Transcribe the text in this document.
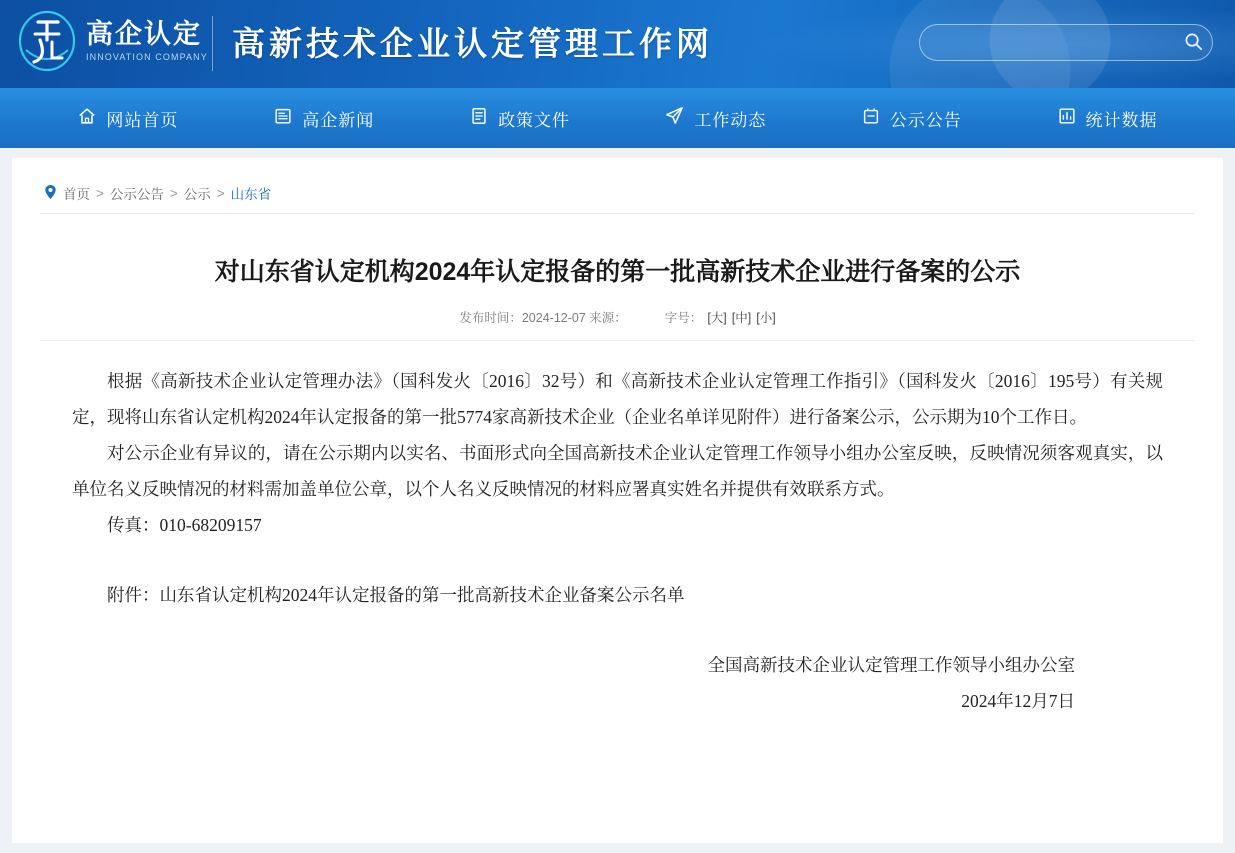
高企认定
INNOVATION COMPANY 高新技术企业认定管理工作网
网站首页	高企新闻	政策文件	工作动态	公示公告	统计数据
首页 > 公示公告 > 公示 > 山东省
对山东省认定机构2024年认定报备的第一批高新技术企业进行备案的公示
发布时间：2024-12-07 来源：	字号： [大] [中] [小]

根据《高新技术企业认定管理办法》（国科发火〔2016〕32号）和《高新技术企业认定管理工作指引》（国科发火〔2016〕195号）有关规定，现将山东省认定机构2024年认定报备的第一批5774家高新技术企业（企业名单详见附件）进行备案公示，公示期为10个工作日。

对公示企业有异议的，请在公示期内以实名、书面形式向全国高新技术企业认定管理工作领导小组办公室反映，反映情况须客观真实，以单位名义反映情况的材料需加盖单位公章，以个人名义反映情况的材料应署真实姓名并提供有效联系方式。

传真：010-68209157

附件：山东省认定机构2024年认定报备的第一批高新技术企业备案公示名单

全国高新技术企业认定管理工作领导小组办公室
2024年12月7日
